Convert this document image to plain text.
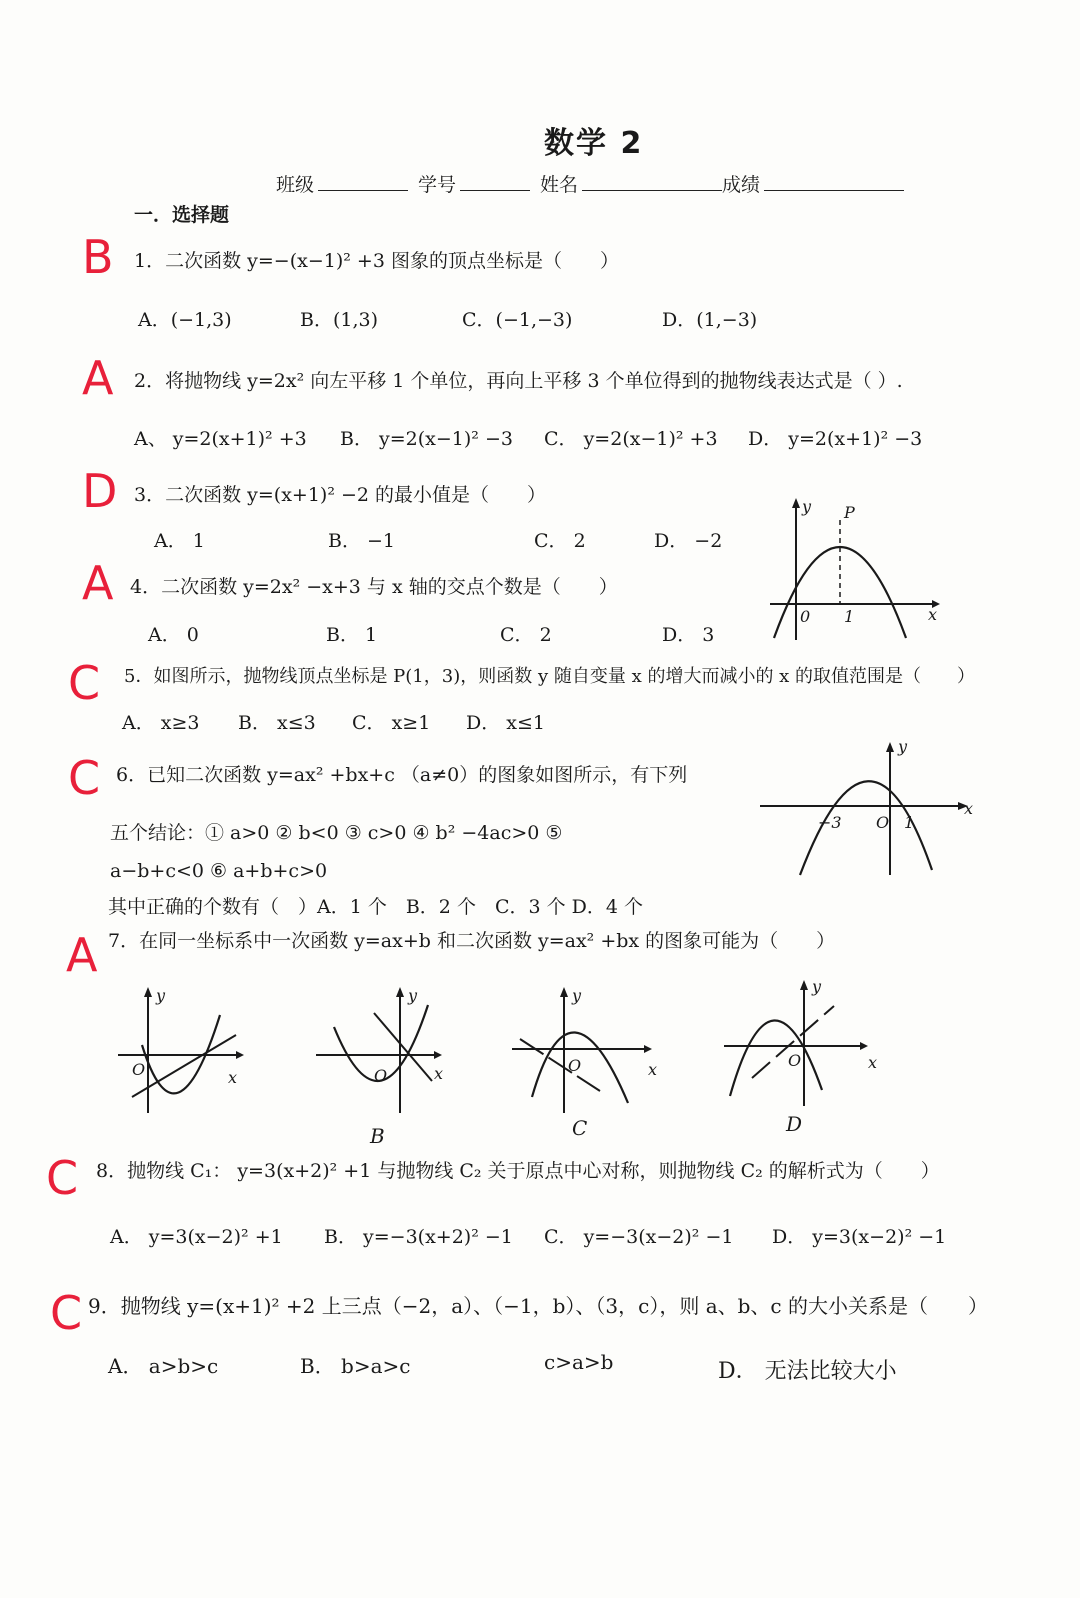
数学 2
班级	学号	姓名	成绩
一．选择题
B
A
D
A
C
C
A
C
C
1．二次函数 y=−(x−1)² +3 图象的顶点坐标是（　　）
A．(−1,3)	B．(1,3)	C．(−1,−3)	D．(1,−3)
2．将抛物线 y=2x² 向左平移 1 个单位，再向上平移 3 个单位得到的抛物线表达式是（ ）.
A、 y=2(x+1)² +3 B． y=2(x−1)² −3 C． y=2(x−1)² +3 D． y=2(x+1)² −3
3．二次函数 y=(x+1)² −2 的最小值是（　　）
A． 1	B． −1	C． 2	D． −2
x
y
0 1
P
4．二次函数 y=2x² −x+3 与 x 轴的交点个数是（　　）
A． 0	B． 1	C． 2	D． 3
5．如图所示，抛物线顶点坐标是 P(1，3)，则函数 y 随自变量 x 的增大而减小的 x 的取值范围是（　　）
A． x≥3 B． x≤3 C． x≥1 D． x≤1
6．已知二次函数 y=ax² +bx+c （a≠0）的图象如图所示，有下列
五个结论：① a>0 ② b<0 ③ c>0 ④ b² −4ac>0 ⑤
a−b+c<0 ⑥ a+b+c>0
其中正确的个数有（　）A．1 个　B．2 个　C．3 个 D．4 个
x
y
−3 O 1
7．在同一坐标系中一次函数 y=ax+b 和二次函数 y=ax² +bx 的图象可能为（　　）
y
O	x
y
O	x
y
O	x
y
O	x
B	C	D
8．抛物线 C₁： y=3(x+2)² +1 与抛物线 C₂ 关于原点中心对称，则抛物线 C₂ 的解析式为（　　）
A． y=3(x−2)² +1 B． y=−3(x+2)² −1 C． y=−3(x−2)² −1 D． y=3(x−2)² −1
9．抛物线 y=(x+1)² +2 上三点（−2，a）、（−1，b）、（3，c），则 a、b、c 的大小关系是（　　）
A． a>b>c	B． b>a>c	c>a>b	D． 无法比较大小
